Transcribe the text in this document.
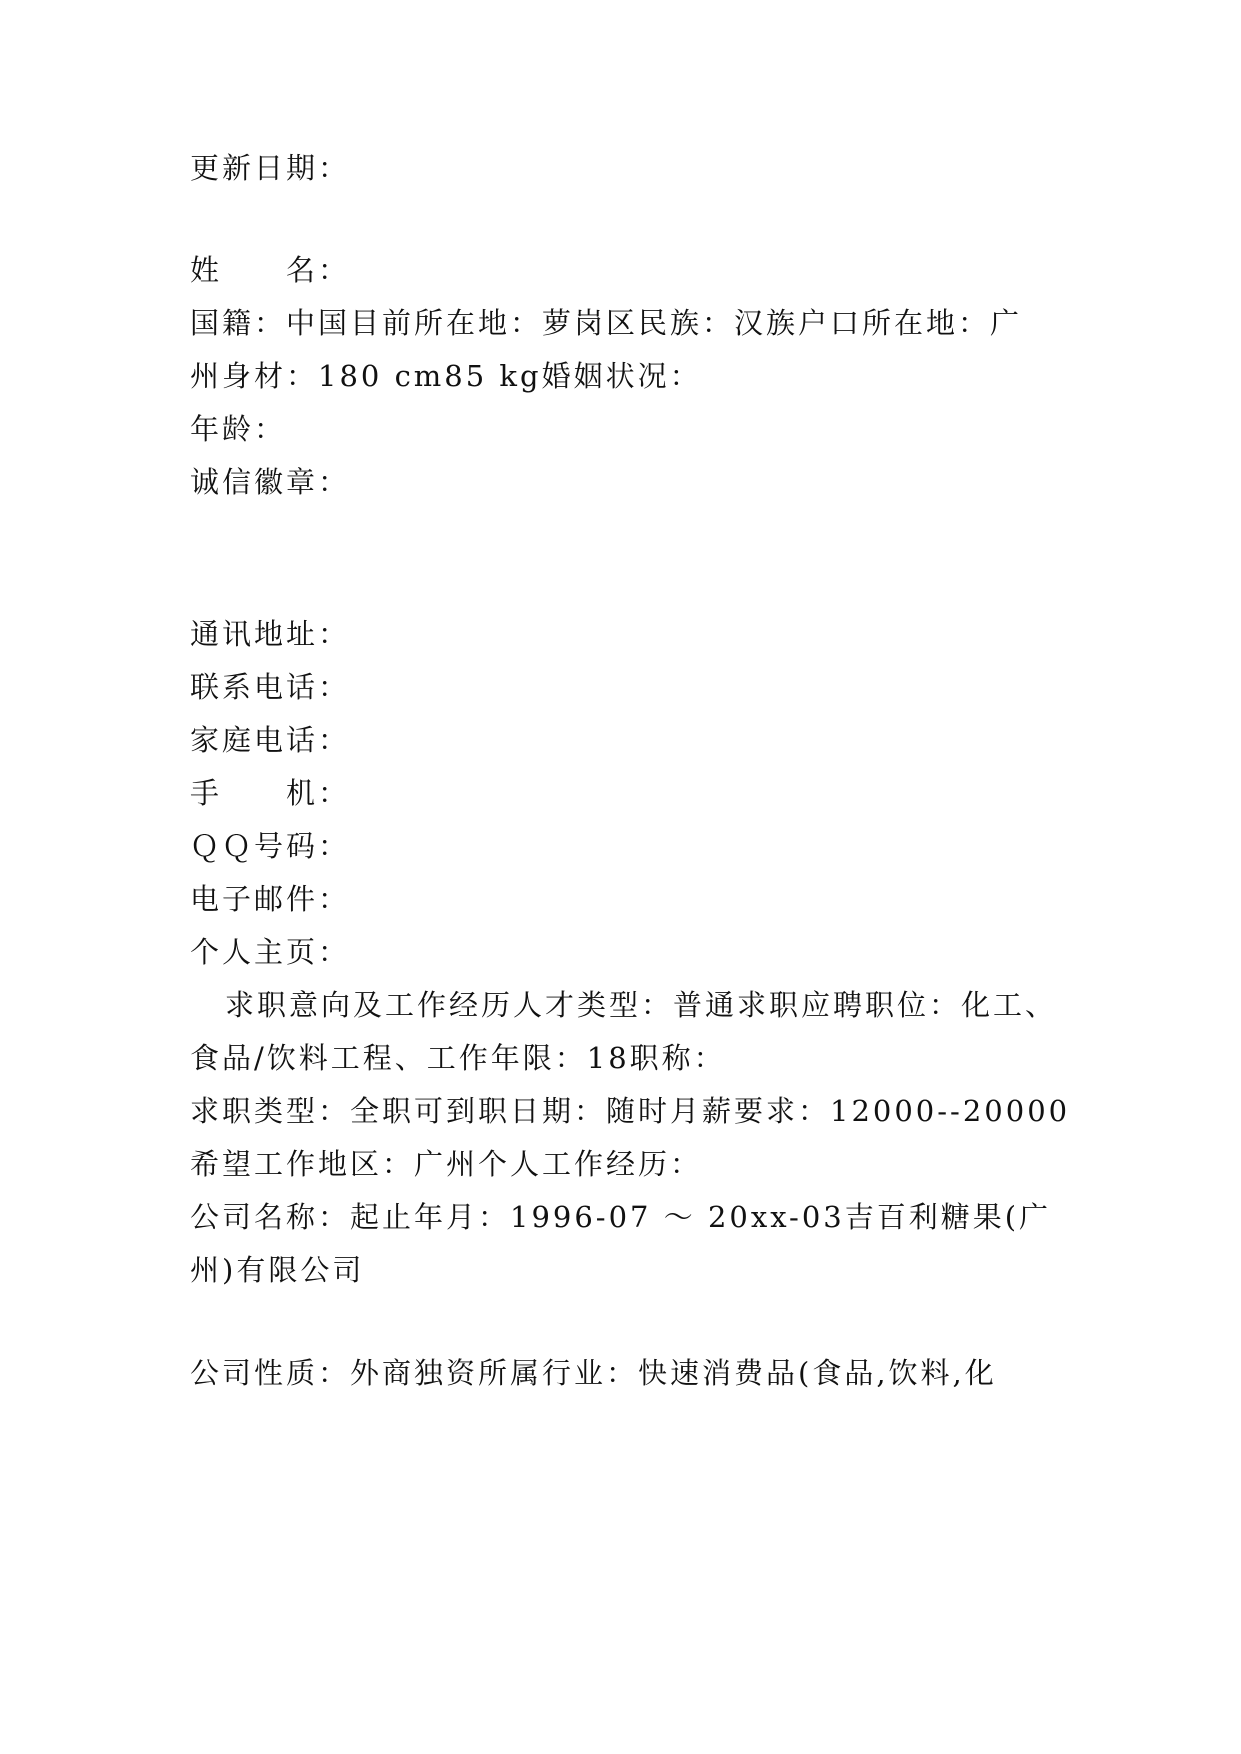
更新日期：
姓　　名：
国籍：中国目前所在地：萝岗区民族：汉族户口所在地：广
州身材：180 cm85 kg婚姻状况：
年龄：
诚信徽章：
通讯地址：
联系电话：
家庭电话：
手　　机：
ＱＱ号码：
电子邮件：
个人主页：
求职意向及工作经历人才类型：普通求职应聘职位：化工、
食品/饮料工程、工作年限：18职称：
求职类型：全职可到职日期：随时月薪要求：12000--20000
希望工作地区：广州个人工作经历：
公司名称：起止年月：1996-07 ～ 20xx-03吉百利糖果(广
州)有限公司
公司性质：外商独资所属行业：快速消费品(食品,饮料,化
